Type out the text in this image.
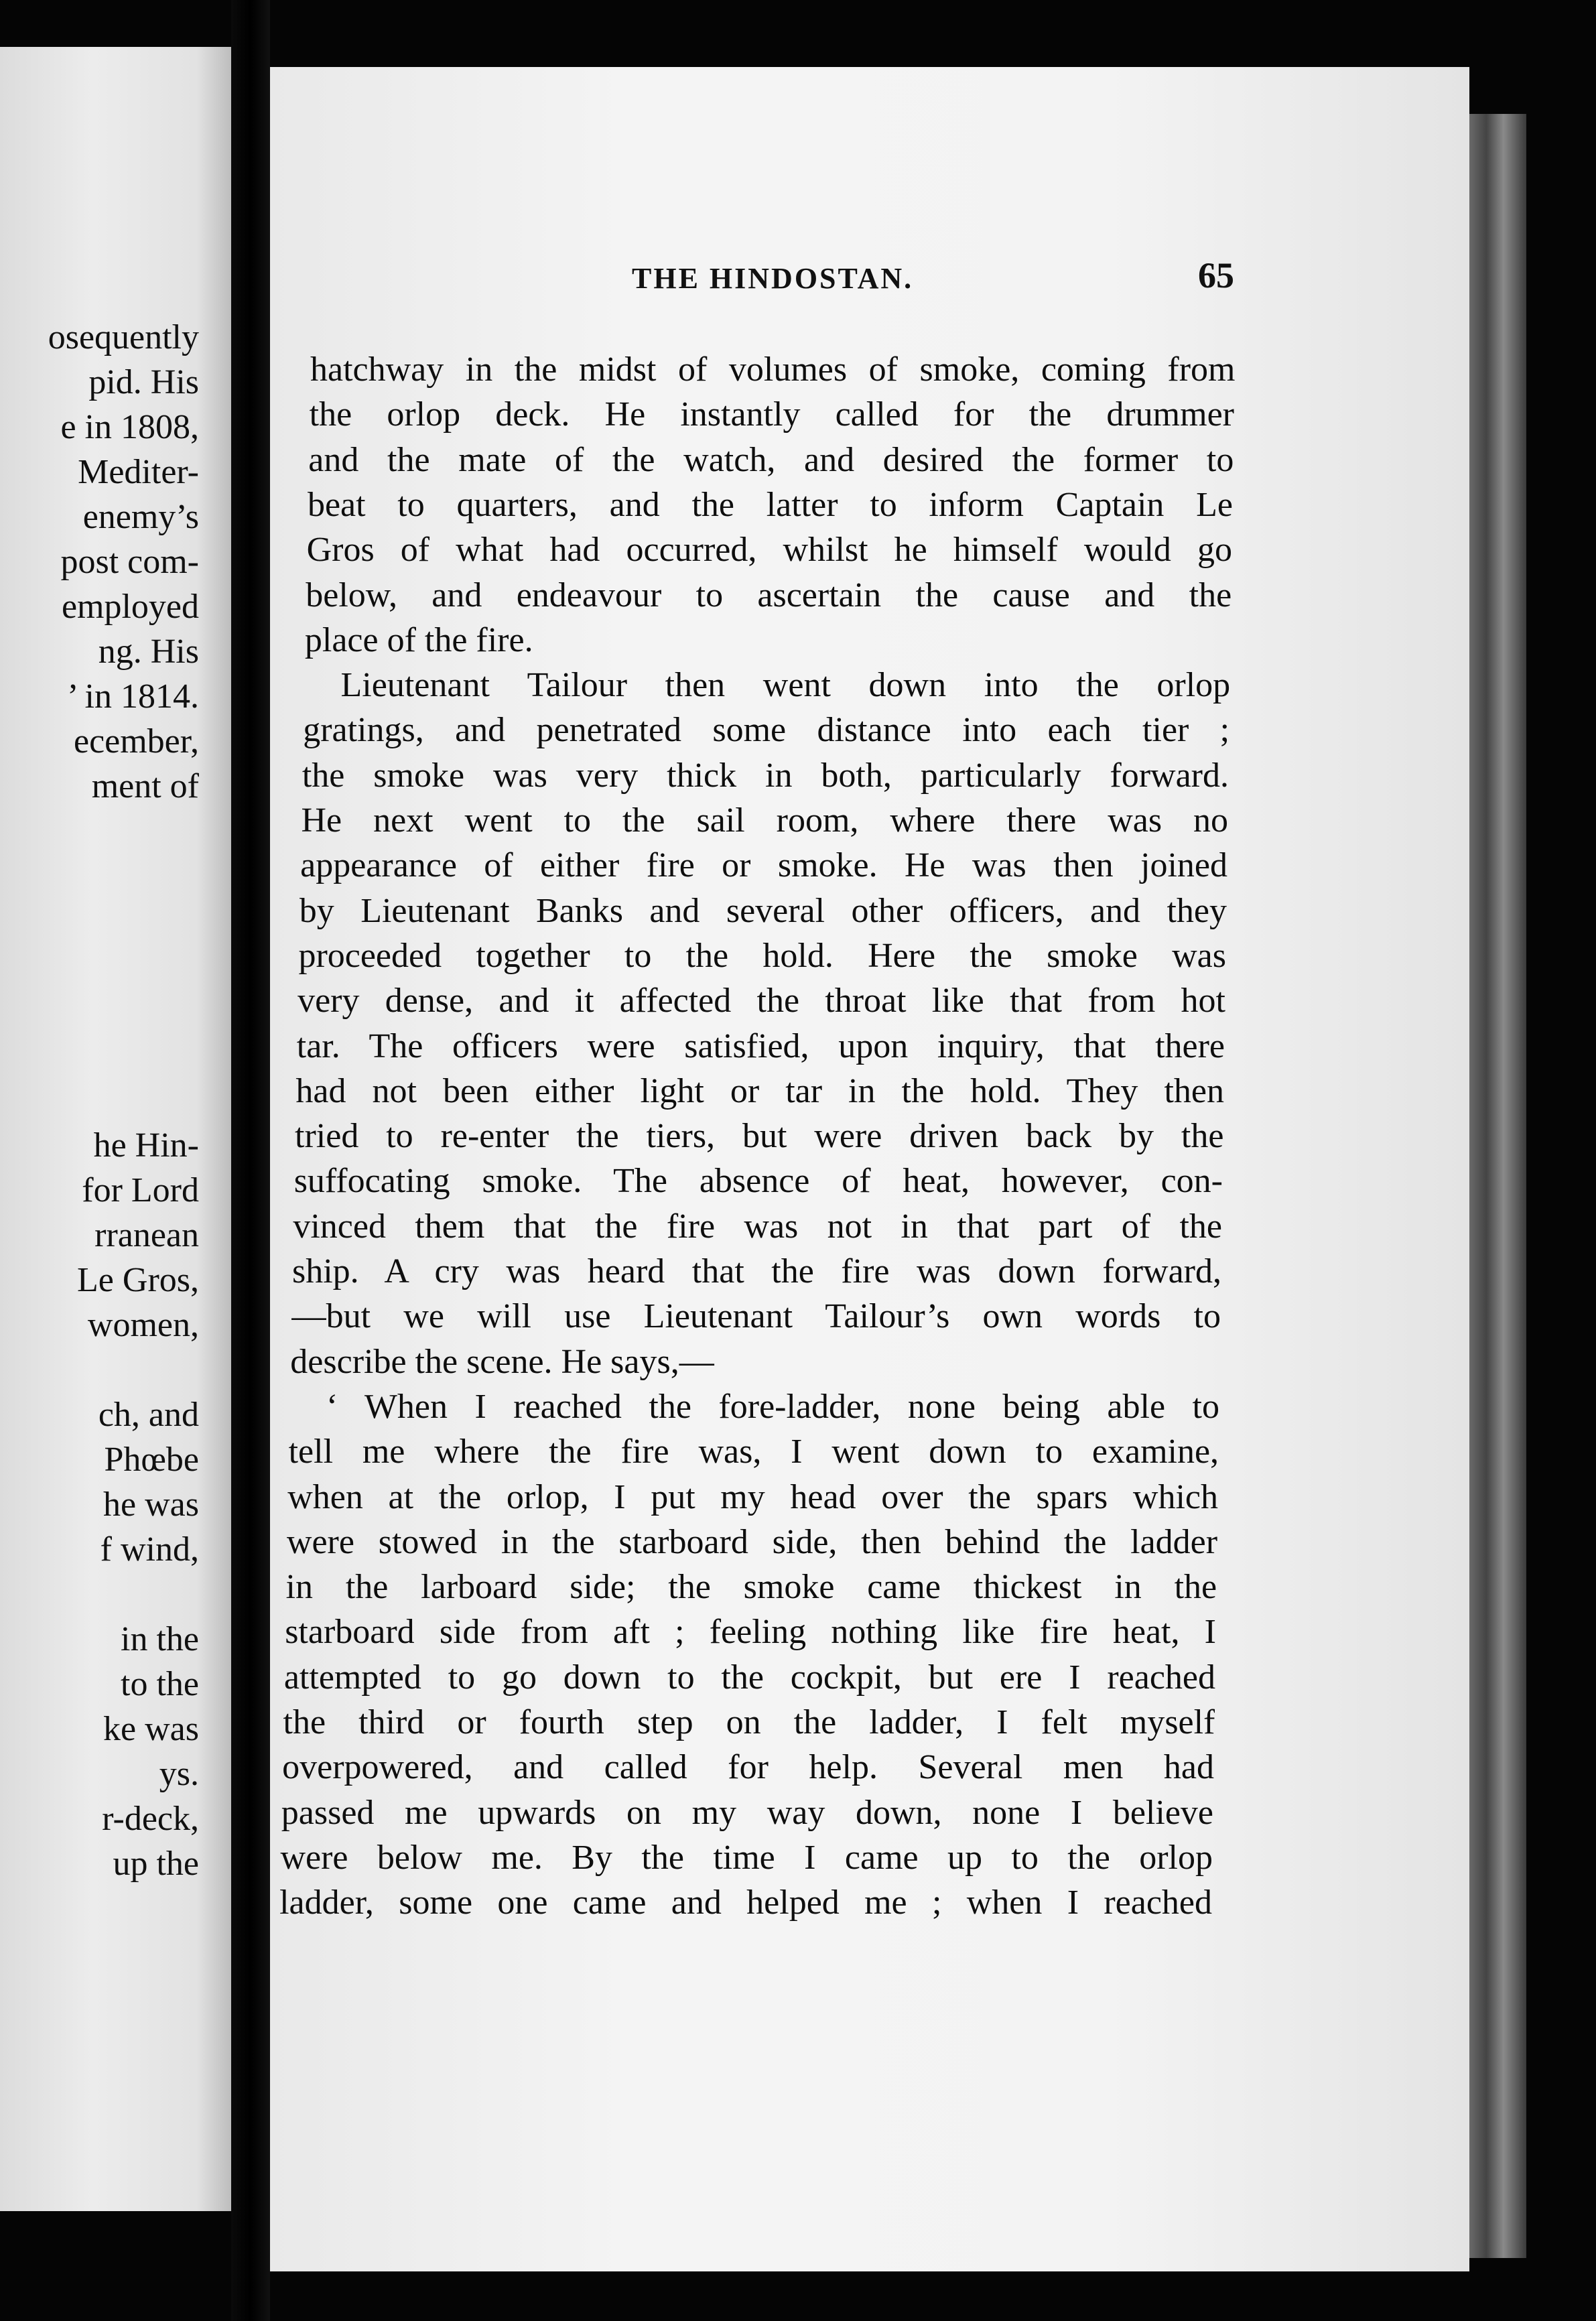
osequently

pid. His

e in 1808,

Mediter-

enemy’s

post com-

employed

ng. His

’ in 1814.

ecember,

ment of

he Hin-

for Lord

rranean

Le Gros,

women,

ch, and

Phœbe

he was

f wind,

in the

to the

ke was

ys.

r-deck,

up the

THE HINDOSTAN.	65

hatchway in the midst of volumes of smoke, coming from

the orlop deck. He instantly called for the drummer

and the mate of the watch, and desired the former to

beat to quarters, and the latter to inform Captain Le

Gros of what had occurred, whilst he himself would go

below, and endeavour to ascertain the cause and the

place of the fire.

Lieutenant Tailour then went down into the orlop

gratings, and penetrated some distance into each tier ;

the smoke was very thick in both, particularly forward.

He next went to the sail room, where there was no

appearance of either fire or smoke. He was then joined

by Lieutenant Banks and several other officers, and they

proceeded together to the hold. Here the smoke was

very dense, and it affected the throat like that from hot

tar. The officers were satisfied, upon inquiry, that there

had not been either light or tar in the hold. They then

tried to re-enter the tiers, but were driven back by the

suffocating smoke. The absence of heat, however, con-

vinced them that the fire was not in that part of the

ship. A cry was heard that the fire was down forward,

—but we will use Lieutenant Tailour’s own words to

describe the scene. He says,—

‘ When I reached the fore-ladder, none being able to

tell me where the fire was, I went down to examine,

when at the orlop, I put my head over the spars which

were stowed in the starboard side, then behind the ladder

in the larboard side; the smoke came thickest in the

starboard side from aft ; feeling nothing like fire heat, I

attempted to go down to the cockpit, but ere I reached

the third or fourth step on the ladder, I felt myself

overpowered, and called for help. Several men had

passed me upwards on my way down, none I believe

were below me. By the time I came up to the orlop

ladder, some one came and helped me ; when I reached
